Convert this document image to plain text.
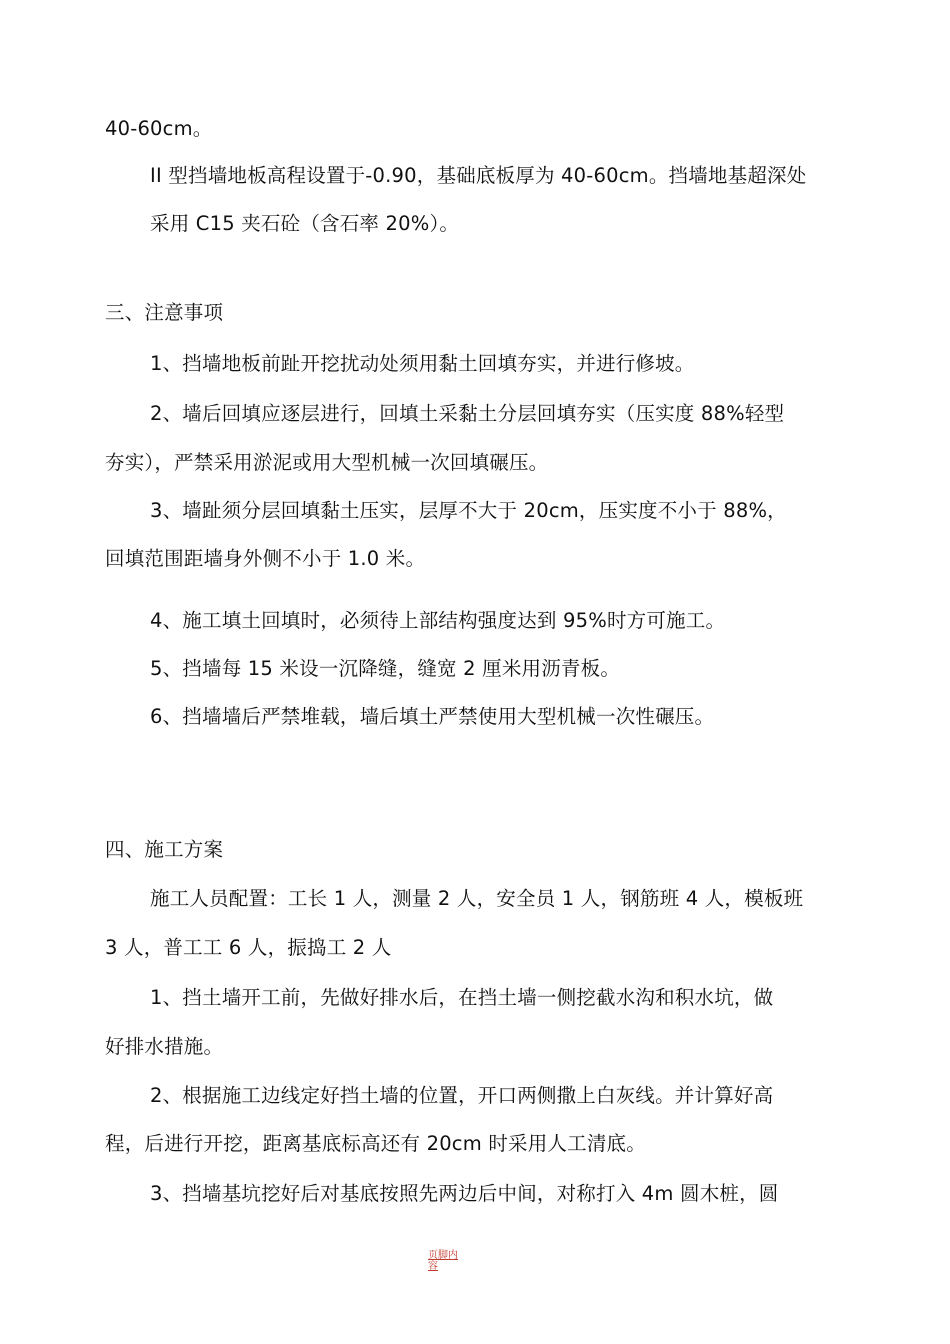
40-60cm。
II 型挡墙地板高程设置于-0.90，基础底板厚为 40-60cm。挡墙地基超深处
采用 C15 夹石砼（含石率 20%）。
三、注意事项
1、挡墙地板前趾开挖扰动处须用黏土回填夯实，并进行修坡。
2、墙后回填应逐层进行，回填土采黏土分层回填夯实（压实度 88%轻型
夯实），严禁采用淤泥或用大型机械一次回填碾压。
3、墙趾须分层回填黏土压实，层厚不大于 20cm，压实度不小于 88%，
回填范围距墙身外侧不小于 1.0 米。
4、施工填土回填时，必须待上部结构强度达到 95%时方可施工。
5、挡墙每 15 米设一沉降缝，缝宽 2 厘米用沥青板。
6、挡墙墙后严禁堆载，墙后填土严禁使用大型机械一次性碾压。
四、施工方案
施工人员配置：工长 1 人，测量 2 人，安全员 1 人，钢筋班 4 人，模板班
3 人，普工工 6 人，振捣工 2 人
1、挡土墙开工前，先做好排水后，在挡土墙一侧挖截水沟和积水坑，做
好排水措施。
2、根据施工边线定好挡土墙的位置，开口两侧撒上白灰线。并计算好高
程，后进行开挖，距离基底标高还有 20cm 时采用人工清底。
3、挡墙基坑挖好后对基底按照先两边后中间，对称打入 4m 圆木桩，圆
页脚内容
